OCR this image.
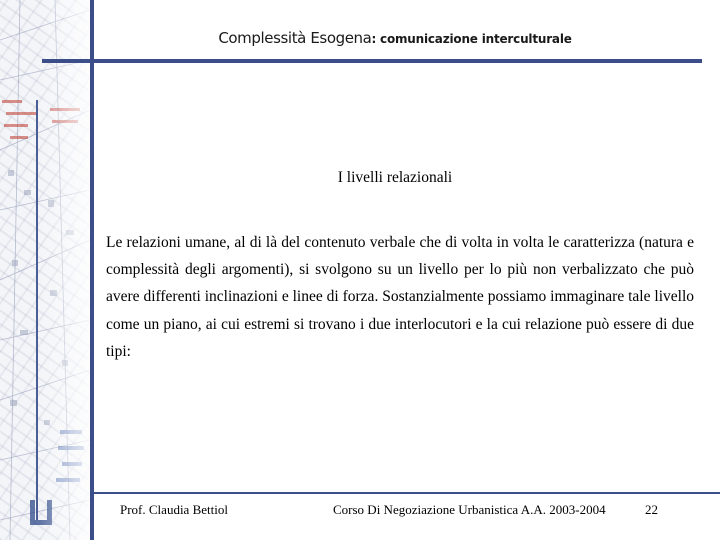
Complessità Esogena: comunicazione interculturale
I livelli relazionali
Le relazioni umane, al di là del contenuto verbale che di volta in volta le caratterizza (natura e complessità degli argomenti), si svolgono su un livello per lo più non verbalizzato che può avere differenti inclinazioni e linee di forza. Sostanzialmente possiamo immaginare tale livello come un piano, ai cui estremi si trovano i due interlocutori e la cui relazione può essere di due tipi:
Prof. Claudia Bettiol	Corso Di Negoziazione Urbanistica A.A. 2003-2004	22
